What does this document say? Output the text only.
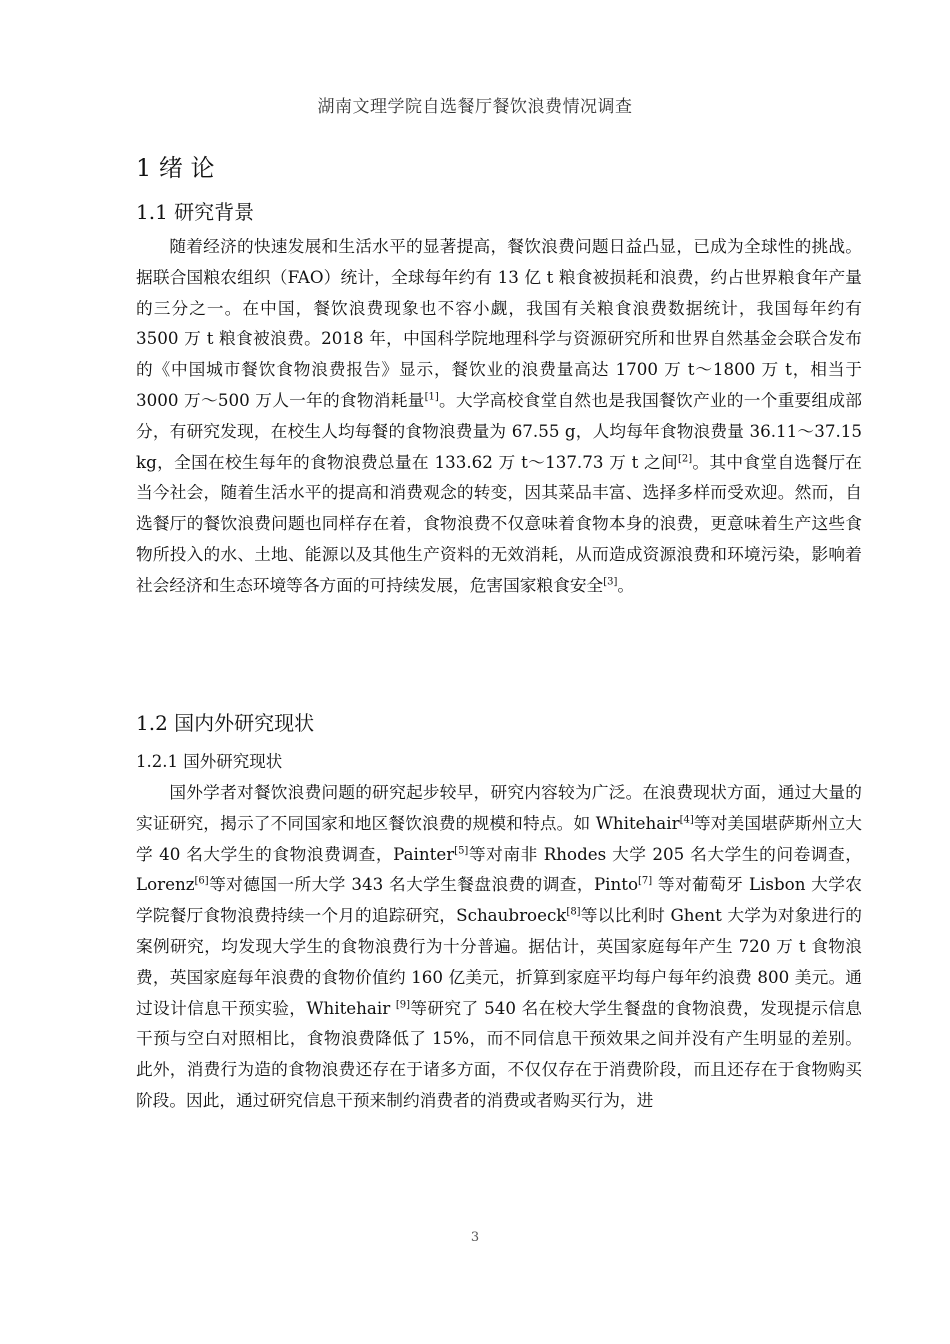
湖南文理学院自选餐厅餐饮浪费情况调查
1 绪 论
1.1 研究背景
随着经济的快速发展和生活水平的显著提高，餐饮浪费问题日益凸显，已成为全球性的挑战。据联合国粮农组织（FAO）统计，全球每年约有 13 亿 t 粮食被损耗和浪费，约占世界粮食年产量的三分之一。在中国，餐饮浪费现象也不容小觑，我国有关粮食浪费数据统计，我国每年约有 3500 万 t 粮食被浪费。2018 年，中国科学院地理科学与资源研究所和世界自然基金会联合发布的《中国城市餐饮食物浪费报告》显示，餐饮业的浪费量高达 1700 万 t～1800 万 t，相当于 3000 万～500 万人一年的食物消耗量[1]。大学高校食堂自然也是我国餐饮产业的一个重要组成部分，有研究发现，在校生人均每餐的食物浪费量为 67.55 g，人均每年食物浪费量 36.11～37.15 kg，全国在校生每年的食物浪费总量在 133.62 万 t～137.73 万 t 之间[2]。其中食堂自选餐厅在当今社会，随着生活水平的提高和消费观念的转变，因其菜品丰富、选择多样而受欢迎。然而，自选餐厅的餐饮浪费问题也同样存在着，食物浪费不仅意味着食物本身的浪费，更意味着生产这些食物所投入的水、土地、能源以及其他生产资料的无效消耗，从而造成资源浪费和环境污染，影响着社会经济和生态环境等各方面的可持续发展，危害国家粮食安全[3]。
1.2 国内外研究现状
1.2.1 国外研究现状
国外学者对餐饮浪费问题的研究起步较早，研究内容较为广泛。在浪费现状方面，通过大量的实证研究，揭示了不同国家和地区餐饮浪费的规模和特点。如 Whitehair[4]等对美国堪萨斯州立大学 40 名大学生的食物浪费调查，Painter[5]等对南非 Rhodes 大学 205 名大学生的问卷调查，Lorenz[6]等对德国一所大学 343 名大学生餐盘浪费的调查，Pinto[7] 等对葡萄牙 Lisbon 大学农学院餐厅食物浪费持续一个月的追踪研究，Schaubroeck[8]等以比利时 Ghent 大学为对象进行的案例研究，均发现大学生的食物浪费行为十分普遍。据估计，英国家庭每年产生 720 万 t 食物浪费，英国家庭每年浪费的食物价值约 160 亿美元，折算到家庭平均每户每年约浪费 800 美元。通过设计信息干预实验，Whitehair [9]等研究了 540 名在校大学生餐盘的食物浪费，发现提示信息干预与空白对照相比，食物浪费降低了 15%，而不同信息干预效果之间并没有产生明显的差别。此外，消费行为造的食物浪费还存在于诸多方面，不仅仅存在于消费阶段，而且还存在于食物购买阶段。因此，通过研究信息干预来制约消费者的消费或者购买行为，进
3
